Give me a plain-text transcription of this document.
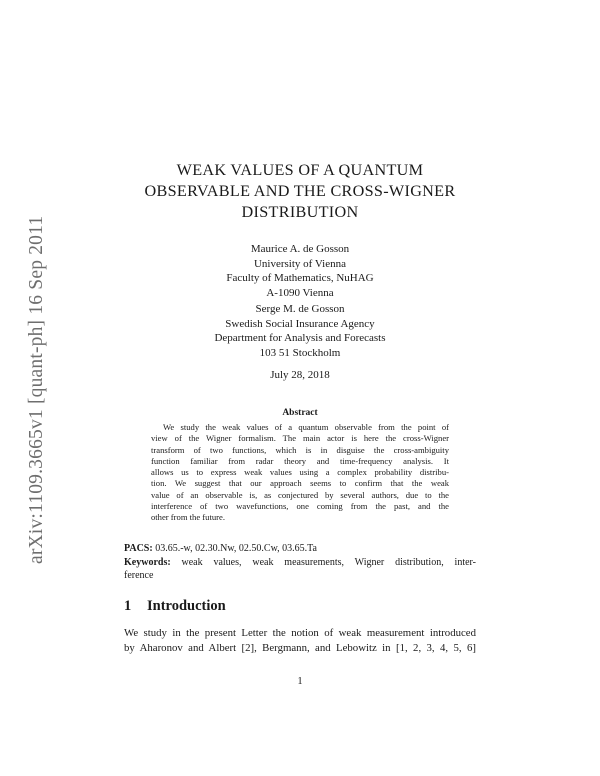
arXiv:1109.3665v1 [quant-ph] 16 Sep 2011
WEAK VALUES OF A QUANTUM
OBSERVABLE AND THE CROSS-WIGNER
DISTRIBUTION
Maurice A. de Gosson
University of Vienna
Faculty of Mathematics, NuHAG
A-1090 Vienna
Serge M. de Gosson
Swedish Social Insurance Agency
Department for Analysis and Forecasts
103 51 Stockholm
July 28, 2018
Abstract
We study the weak values of a quantum observable from the point of
view of the Wigner formalism. The main actor is here the cross-Wigner
transform of two functions, which is in disguise the cross-ambiguity
function familiar from radar theory and time-frequency analysis. It
allows us to express weak values using a complex probability distribu-
tion. We suggest that our approach seems to confirm that the weak
value of an observable is, as conjectured by several authors, due to the
interference of two wavefunctions, one coming from the past, and the
other from the future.
PACS: 03.65.-w, 02.30.Nw, 02.50.Cw, 03.65.Ta
Keywords: weak values, weak measurements, Wigner distribution, inter-
ference
1 Introduction
We study in the present Letter the notion of weak measurement introduced
by Aharonov and Albert [2], Bergmann, and Lebowitz in [1, 2, 3, 4, 5, 6]
1
